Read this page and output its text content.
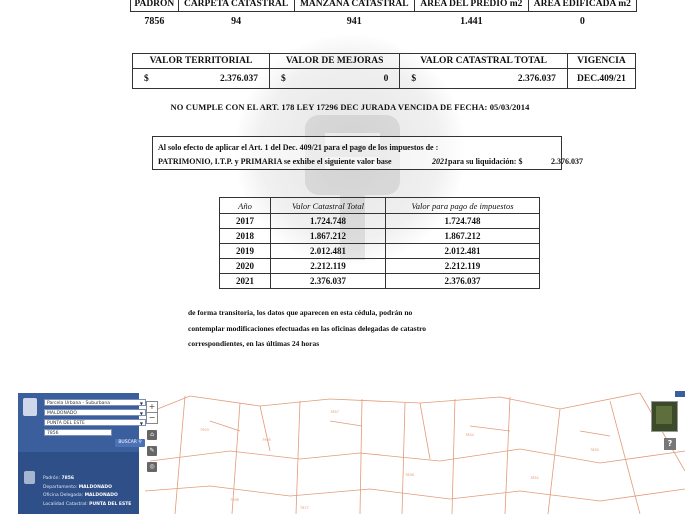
PADRON	CARPETA CATASTRAL	MANZANA CATASTRAL	AREA DEL PREDIO m2	AREA EDIFICADA m2
7856	94	941	1.441	0
VALOR TERRITORIAL	VALOR DE MEJORAS	VALOR CATASTRAL TOTAL	VIGENCIA

$ 2.376.037	$ 0	$ 2.376.037	DEC.409/21
NO CUMPLE CON EL ART. 178 LEY 17296 DEC JURADA VENCIDA DE FECHA: 05/03/2014
Al solo efecto de aplicar el Art. 1 del Dec. 409/21 para el pago de los impuestos de :
PATRIMONIO, I.T.P. y PRIMARIA se exhibe el siguiente valor base	2021 para su liquidación: $	2.376.037
Año	Valor Catastral Total	Valor para pago de impuestos
2017	1.724.748	1.724.748
2018	1.867.212	1.867.212
2019	2.012.481	2.012.481
2020	2.212.119	2.212.119
2021	2.376.037	2.376.037
de forma transitoria, los datos que aparecen en esta cédula, podrán no
contemplar modificaciones efectuadas en las oficinas delegadas de catastro
correspondientes, en las últimas 24 horas
7903
7905
7857
7856
7854
7852
7898
7877
7850
Parcela Urbana - Suburbana	▼
MALDONADO	▼
PUNTA DEL ESTE	▼
7856
BUSCAR ⚲
Padrón: 7856
Departamento: MALDONADO
Oficina Delegada: MALDONADO
Localidad Catastral: PUNTA DEL ESTE
+
−
⌂
✎
◎
?
